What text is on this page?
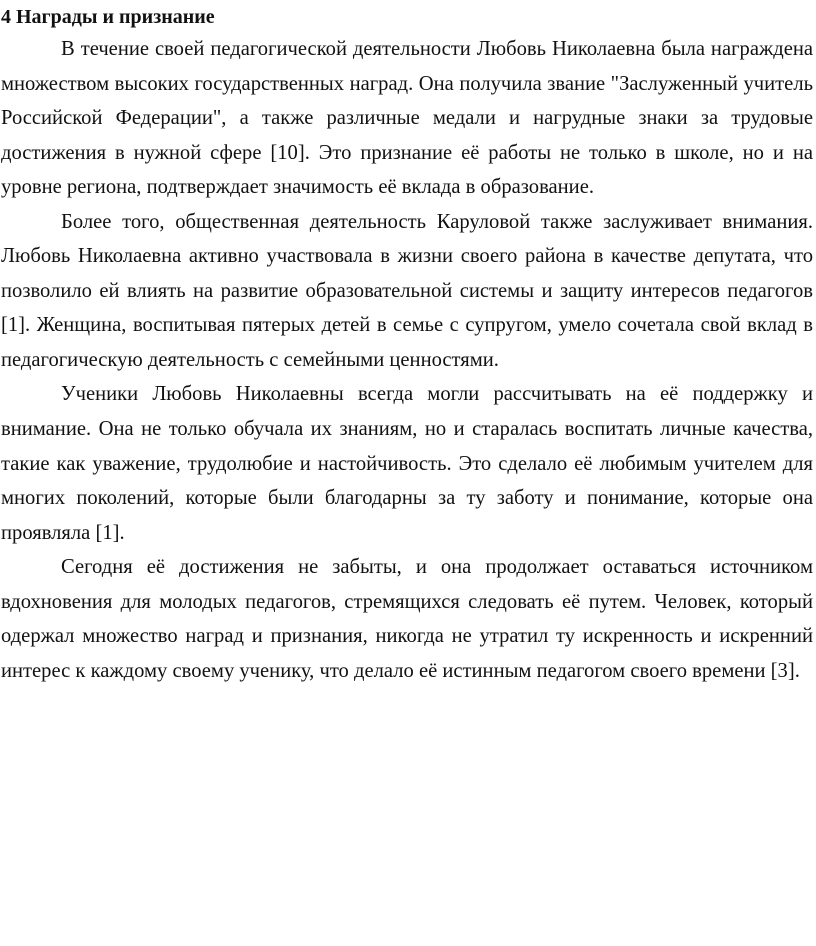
4 Награды и признание

В течение своей педагогической деятельности Любовь Николаевна была награждена множеством высоких государственных наград. Она получила звание "Заслуженный учитель Российской Федерации", а также различные медали и нагрудные знаки за трудовые достижения в нужной сфере [10]. Это признание её работы не только в школе, но и на уровне региона, подтверждает значимость её вклада в образование.

Более того, общественная деятельность Каруловой также заслуживает внимания. Любовь Николаевна активно участвовала в жизни своего района в качестве депутата, что позволило ей влиять на развитие образовательной системы и защиту интересов педагогов [1]. Женщина, воспитывая пятерых детей в семье с супругом, умело сочетала свой вклад в педагогическую деятельность с семейными ценностями.

Ученики Любовь Николаевны всегда могли рассчитывать на её поддержку и внимание. Она не только обучала их знаниям, но и старалась воспитать личные качества, такие как уважение, трудолюбие и настойчивость. Это сделало её любимым учителем для многих поколений, которые были благодарны за ту заботу и понимание, которые она проявляла [1].

Сегодня её достижения не забыты, и она продолжает оставаться источником вдохновения для молодых педагогов, стремящихся следовать её путем. Человек, который одержал множество наград и признания, никогда не утратил ту искренность и искренний интерес к каждому своему ученику, что делало её истинным педагогом своего времени [3].
